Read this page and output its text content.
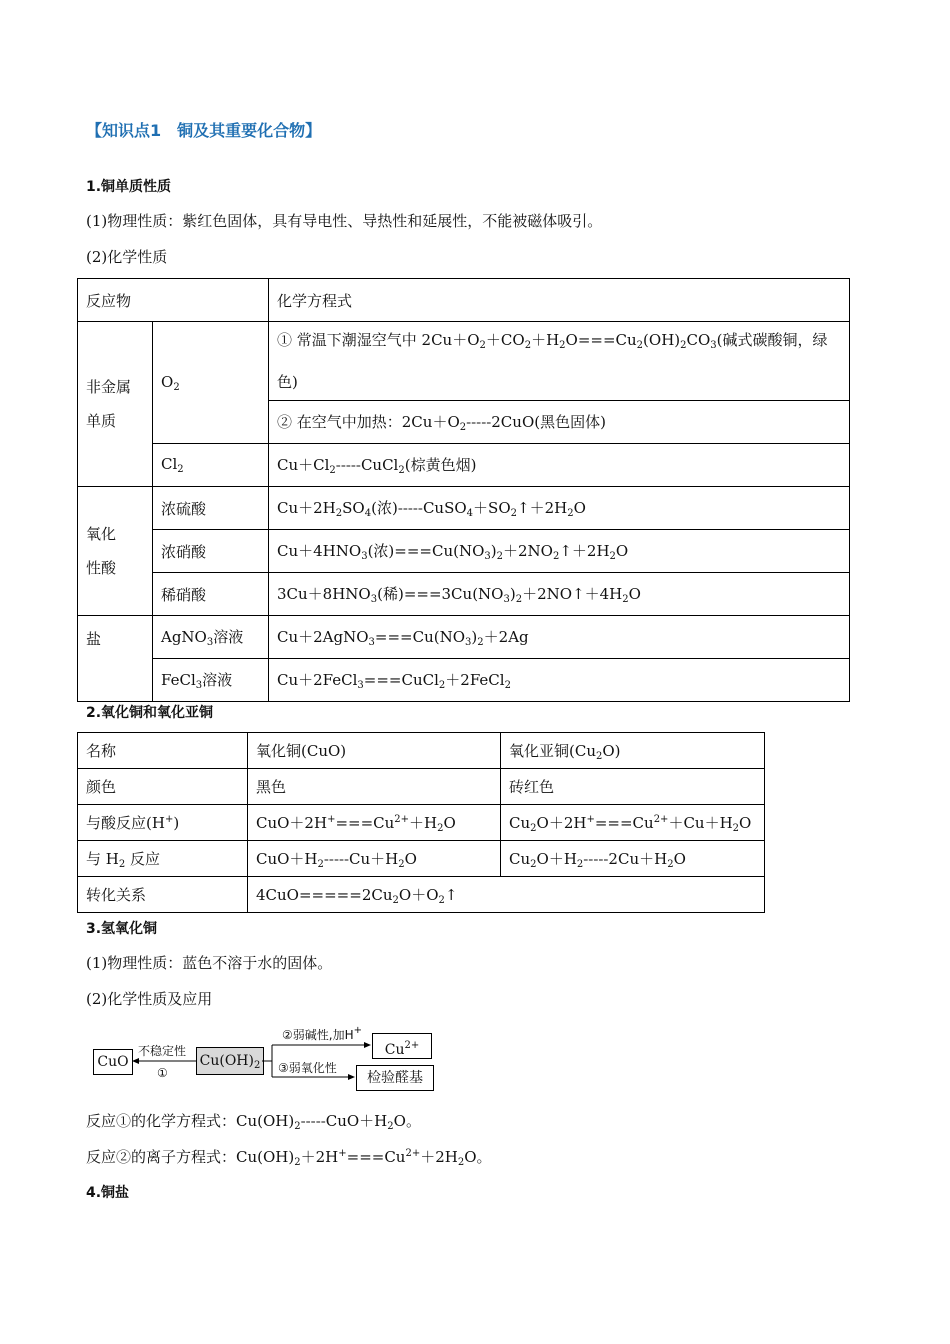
【知识点1　铜及其重要化合物】
1.铜单质性质
(1)物理性质：紫红色固体，具有导电性、导热性和延展性，不能被磁体吸引。
(2)化学性质
反应物		化学方程式
非金属
单质	$O_2$	① 常温下潮湿空气中 $2Cu+O_2+CO_2+H_2O===Cu_2(OH)_2CO_3$(碱式碳酸铜，绿色)
		② 在空气中加热：$2Cu+O_2=====2CuO$(黑色固体)
	$Cl_2$	$Cu+Cl_2=====CuCl_2$(棕黄色烟)
氧化
性酸	浓硫酸	$Cu+2H_2SO_4$(浓)$=====CuSO_4+SO_2↑+2H_2O$
	浓硝酸	$Cu+4HNO_3$(浓)$===Cu(NO_3)_2+2NO_2↑+2H_2O$
	稀硝酸	$3Cu+8HNO_3$(稀)$===3Cu(NO_3)_2+2NO↑+4H_2O$
盐	AgNO$_3$溶液	$Cu+2AgNO_3===Cu(NO_3)_2+2Ag$
	FeCl$_3$溶液	Cu＋2FeCl$_3$===CuCl$_2$＋2FeCl$_2$
2.氧化铜和氧化亚铜
名称	氧化铜(CuO)	氧化亚铜$(Cu_2O)$
颜色	黑色	砖红色
与酸反应(H+)	$CuO+2H^+===Cu^{2+}+H_2O$	$Cu_2O+2H^+===Cu^{2+}+Cu+H_2O$
与 $H_2$ 反应	$CuO+H_2=====Cu+H_2O$	$Cu_2O+H_2=====2Cu+H_2O$
转化关系	$4CuO=====2Cu_2O+O_2↑$	
3.氢氧化铜
(1)物理性质：蓝色不溶于水的固体。
(2)化学性质及应用
CuO	$Cu(OH)_2$
$Cu^{2+}$
检验醛基
不稳定性
①
②弱碱性,加H+
③弱氧化性
反应①的化学方程式：$Cu(OH)_2=====CuO+H_2O$。
反应②的离子方程式：$Cu(OH)_2+2H^+===Cu^{2+}+2H_2O$。
4.铜盐
